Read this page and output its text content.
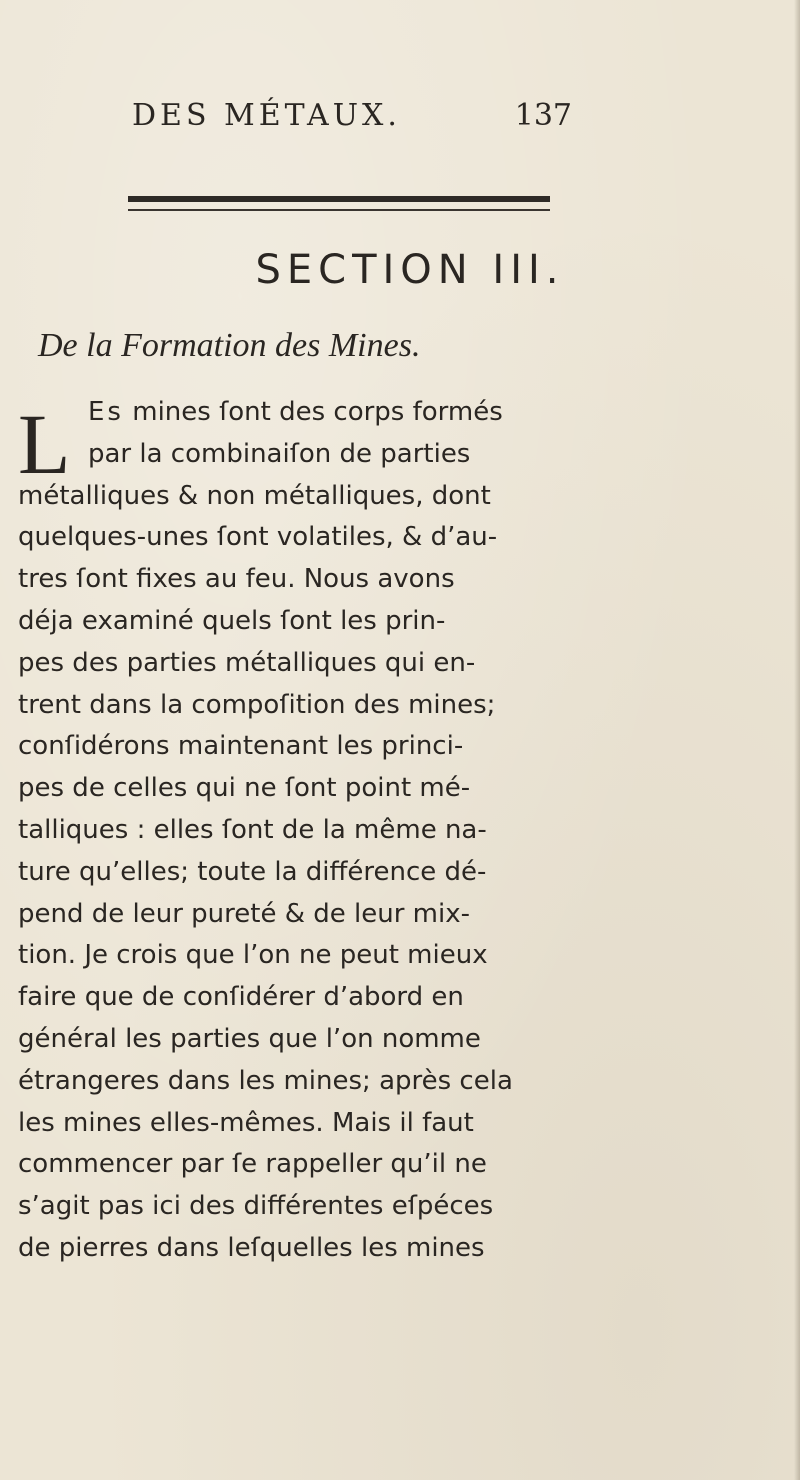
DES MÉTAUX.	137
SECTION III.
De la Formation des Mines.
L Es mines ſont des corps formés
par la combinaiſon de parties
métalliques & non métalliques, dont
quelques-unes ſont volatiles, & d’au-
tres ſont fixes au feu. Nous avons
déja examiné quels ſont les prin-
pes des parties métalliques qui en-
trent dans la compoſition des mines;
conſidérons maintenant les princi-
pes de celles qui ne ſont point mé-
talliques : elles ſont de la même na-
ture qu’elles; toute la différence dé-
pend de leur pureté & de leur mix-
tion. Je crois que l’on ne peut mieux
faire que de conſidérer d’abord en
général les parties que l’on nomme
étrangeres dans les mines; après cela
les mines elles-mêmes. Mais il faut
commencer par ſe rappeller qu’il ne
s’agit pas ici des différentes eſpéces
de pierres dans leſquelles les mines
